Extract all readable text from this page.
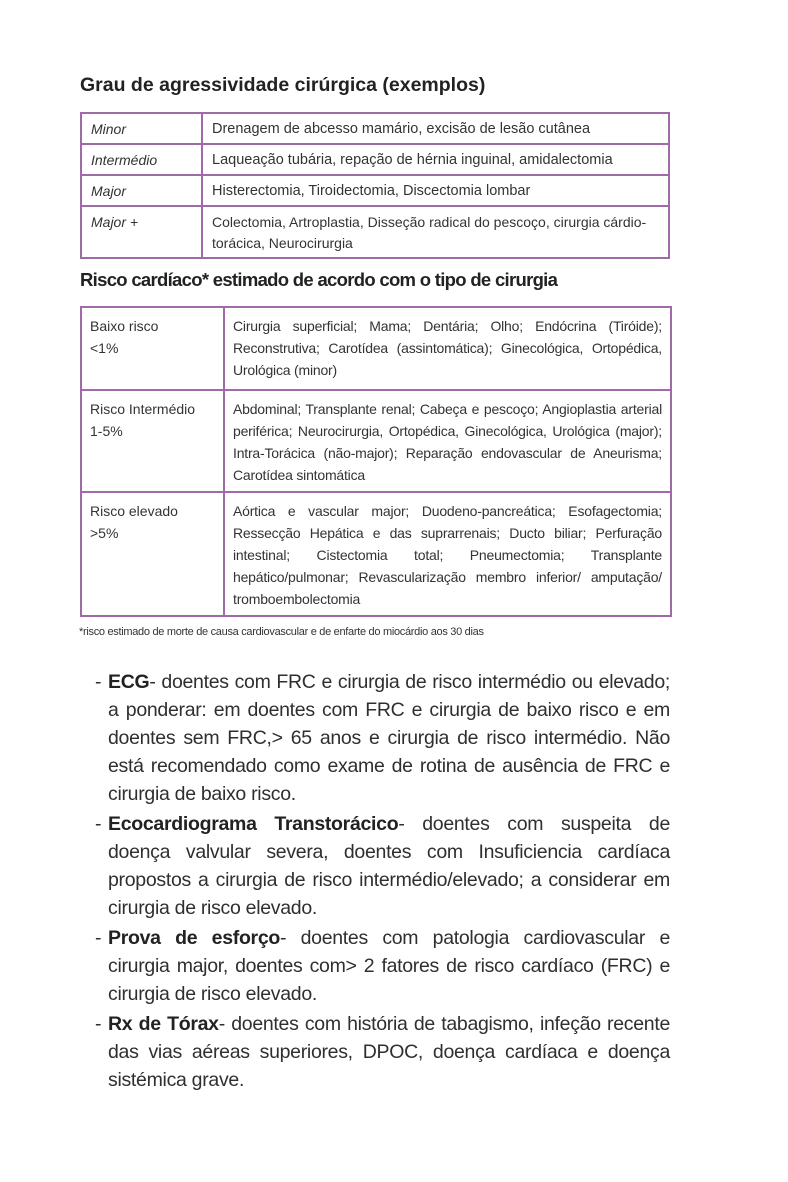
Grau de agressividade cirúrgica (exemplos)
Minor	Drenagem de abcesso mamário, excisão de lesão cutânea
Intermédio	Laqueação tubária, repação de hérnia inguinal, amidalectomia
Major	Histerectomia, Tiroidectomia, Discectomia lombar
Major +	Colectomia, Artroplastia, Disseção radical do pescoço, cirurgia cárdio-torácica, Neurocirurgia
Risco cardíaco* estimado de acordo com o tipo de cirurgia
Baixo risco
<1%	Cirurgia superficial; Mama; Dentária; Olho; Endócrina (Tiróide); Reconstrutiva; Carotídea (assintomática); Ginecológica, Ortopédica, Urológica (minor)

Risco Intermédio
1-5%	Abdominal; Transplante renal; Cabeça e pescoço; Angioplastia arterial periférica; Neurocirurgia, Ortopédica, Ginecológica, Urológica (major); Intra-Torácica (não-major); Reparação endovascular de Aneurisma; Carotídea sintomática

Risco elevado
>5%	Aórtica e vascular major; Duodeno-pancreática; Esofagectomia; Ressecção Hepática e das suprarrenais; Ducto biliar; Perfuração intestinal; Cistectomia total; Pneumectomia; Transplante hepático/pulmonar; Revascularização membro inferior/ amputação/ tromboembolectomia

*risco estimado de morte de causa cardiovascular e de enfarte do miocárdio aos 30 dias

- ECG- doentes com FRC e cirurgia de risco intermédio ou elevado; a ponderar: em doentes com FRC e cirurgia de baixo risco e em doentes sem FRC,> 65 anos e cirurgia de risco intermédio. Não está recomendado como exame de rotina de ausência de FRC e cirurgia de baixo risco.
- Ecocardiograma Transtorácico- doentes com suspeita de doença valvular severa, doentes com Insuficiencia cardíaca propostos a cirurgia de risco intermédio/elevado; a considerar em cirurgia de risco elevado.
- Prova de esforço- doentes com patologia cardiovascular e cirurgia major, doentes com> 2 fatores de risco cardíaco (FRC) e cirurgia de risco elevado.
- Rx de Tórax- doentes com história de tabagismo, infeção recente das vias aéreas superiores, DPOC, doença cardíaca e doença sistémica grave.
